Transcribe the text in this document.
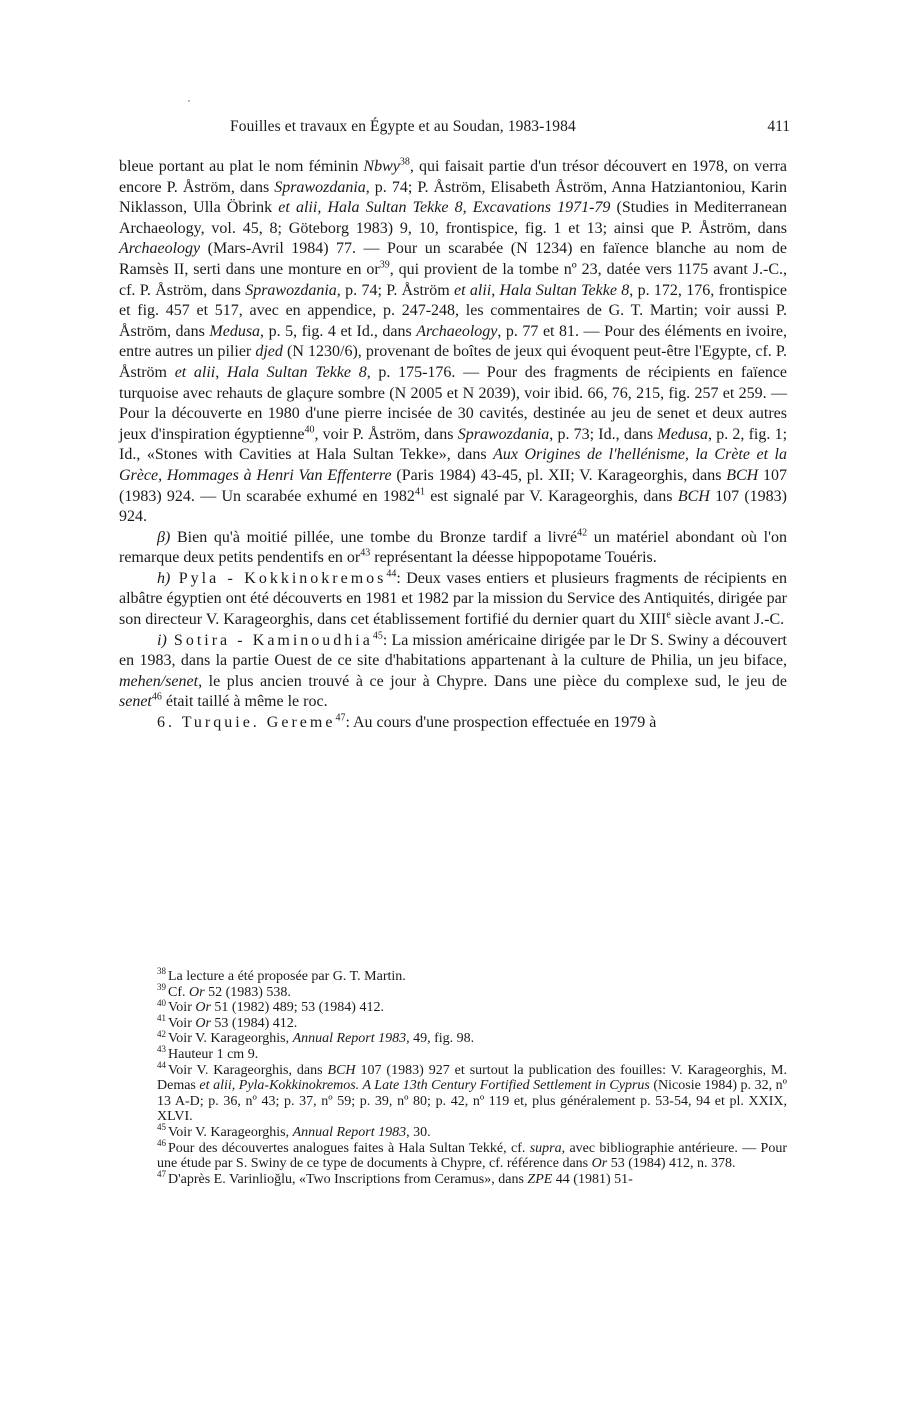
Fouilles et travaux en Égypte et au Soudan, 1983-1984	411

bleue portant au plat le nom féminin Nbwy$^{38}$, qui faisait partie d'un trésor découvert en 1978, on verra encore P. Åström, dans Sprawozdania, p. 74; P. Åström, Elisabeth Åström, Anna Hatziantoniou, Karin Niklasson, Ulla Öbrink et alii, Hala Sultan Tekke 8, Excavations 1971-79 (Studies in Mediterranean Archaeology, vol. 45, 8; Göteborg 1983) 9, 10, frontispice, fig. 1 et 13; ainsi que P. Åström, dans Archaeology (Mars-Avril 1984) 77. — Pour un scarabée (N 1234) en faïence blanche au nom de Ramsès II, serti dans une monture en $or^{39}$, qui provient de la tombe nº 23, datée vers 1175 avant J.-C., cf. P. Åström, dans Sprawozdania, p. 74; P. Åström et alii, Hala Sultan Tekke 8, p. 172, 176, frontispice et fig. 457 et 517, avec en appendice, p. 247-248, les commentaires de G. T. Martin; voir aussi P. Åström, dans Medusa, p. 5, fig. 4 et Id., dans Archaeology, p. 77 et 81. — Pour des éléments en ivoire, entre autres un pilier djed (N 1230/6), provenant de boîtes de jeux qui évoquent peut-être l'Egypte, cf. P. Åström et alii, Hala Sultan Tekke 8, p. 175-176. — Pour des fragments de récipients en faïence turquoise avec rehauts de glaçure sombre (N 2005 et N 2039), voir ibid. 66, 76, 215, fig. 257 et 259. — Pour la découverte en 1980 d'une pierre incisée de 30 cavités, destinée au jeu de senet et deux autres jeux d'inspiration égyptienne$^{40}$, voir P. Åström, dans Sprawozdania, p. 73; Id., dans Medusa, p. 2, fig. 1; Id., «Stones with Cavities at Hala Sultan Tekke», dans Aux Origines de l'hellénisme, la Crète et la Grèce, Hommages à Henri Van Effenterre (Paris 1984) 43-45, pl. XII; V. Karageorghis, dans BCH 107 (1983) 924. — Un scarabée exhumé en 1982$^{41}$ est signalé par V. Karageorghis, dans BCH 107 (1983) 924.

β) Bien qu'à moitié pillée, une tombe du Bronze tardif a livré$^{42}$ un matériel abondant où l'on remarque deux petits pendentifs en $or^{43}$ représentant la déesse hippopotame Touéris.

h) Pyla - Kokkinokremos$^{44}$: Deux vases entiers et plusieurs fragments de récipients en albâtre égyptien ont été découverts en 1981 et 1982 par la mission du Service des Antiquités, dirigée par son directeur V. Karageorghis, dans cet établissement fortifié du dernier quart du XIIIe siècle avant J.-C.

i) Sotira - Kaminoudhia$^{45}$: La mission américaine dirigée par le Dr S. Swiny a découvert en 1983, dans la partie Ouest de ce site d'habitations appartenant à la culture de Philia, un jeu biface, mehen/senet, le plus ancien trouvé à ce jour à Chypre. Dans une pièce du complexe sud, le jeu de senet$^{46}$ était taillé à même le roc.

6. Turquie. Gereme$^{47}$: Au cours d'une prospection effectuée en 1979 à

$^{38}$ La lecture a été proposée par G. T. Martin.

$^{39}$ Cf. Or 52 (1983) 538.

$^{40}$ Voir Or 51 (1982) 489; 53 (1984) 412.

$^{41}$ Voir Or 53 (1984) 412.

$^{42}$ Voir V. Karageorghis, Annual Report 1983, 49, fig. 98.

$^{43}$ Hauteur 1 cm 9.

$^{44}$ Voir V. Karageorghis, dans BCH 107 (1983) 927 et surtout la publication des fouilles: V. Karageorghis, M. Demas et alii, Pyla-Kokkinokremos. A Late 13th Century Fortified Settlement in Cyprus (Nicosie 1984) p. 32, nº 13 A-D; p. 36, nº 43; p. 37, nº 59; p. 39, nº 80; p. 42, nº 119 et, plus généralement p. 53-54, 94 et pl. XXIX, XLVI.

$^{45}$ Voir V. Karageorghis, Annual Report 1983, 30.

$^{46}$ Pour des découvertes analogues faites à Hala Sultan Tekké, cf. supra, avec bibliographie antérieure. — Pour une étude par S. Swiny de ce type de documents à Chypre, cf. référence dans Or 53 (1984) 412, n. 378.

$^{47}$ D'après E. Varinlioğlu, «Two Inscriptions from Ceramus», dans ZPE 44 (1981) 51-
